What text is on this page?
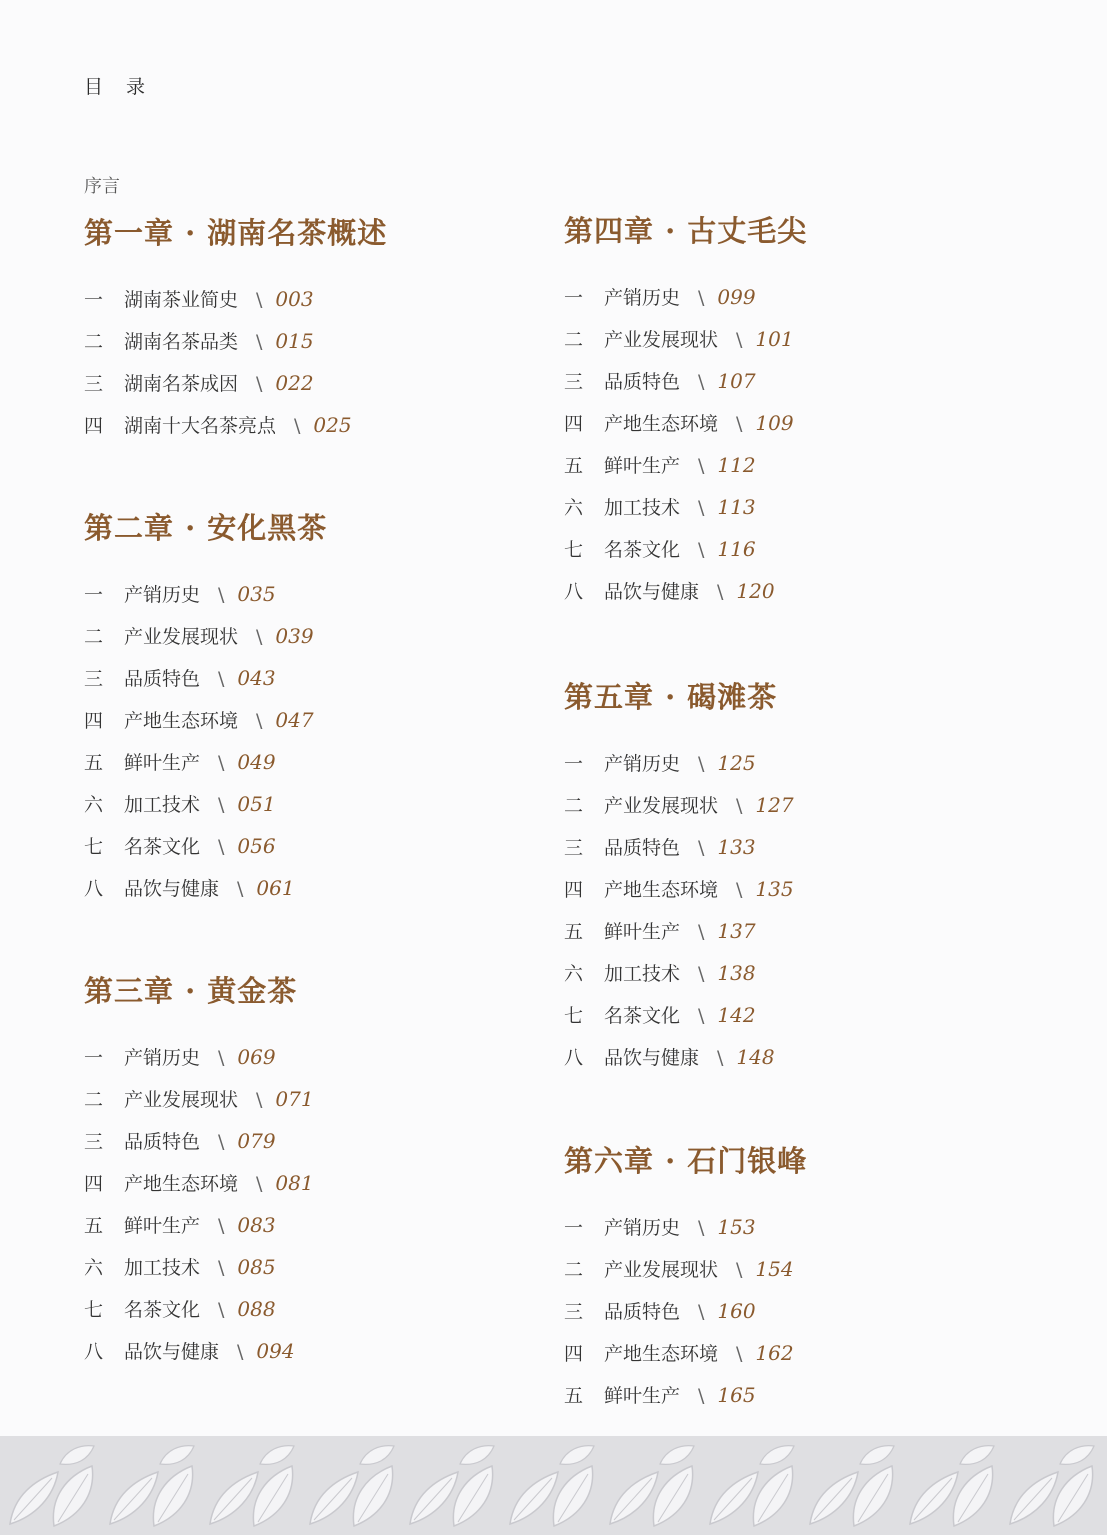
目　录
序言
第一章 · 湖南名茶概述
一 湖南茶业简史 \ 003
二 湖南名茶品类 \ 015
三 湖南名茶成因 \ 022
四 湖南十大名茶亮点 \ 025
第二章 · 安化黑茶
一 产销历史 \ 035
二 产业发展现状 \ 039
三 品质特色 \ 043
四 产地生态环境 \ 047
五 鲜叶生产 \ 049
六 加工技术 \ 051
七 名茶文化 \ 056
八 品饮与健康 \ 061
第三章 · 黄金茶
一 产销历史 \ 069
二 产业发展现状 \ 071
三 品质特色 \ 079
四 产地生态环境 \ 081
五 鲜叶生产 \ 083
六 加工技术 \ 085
七 名茶文化 \ 088
八 品饮与健康 \ 094
第四章 · 古丈毛尖
一 产销历史 \ 099
二 产业发展现状 \ 101
三 品质特色 \ 107
四 产地生态环境 \ 109
五 鲜叶生产 \ 112
六 加工技术 \ 113
七 名茶文化 \ 116
八 品饮与健康 \ 120
第五章 · 碣滩茶
一 产销历史 \ 125
二 产业发展现状 \ 127
三 品质特色 \ 133
四 产地生态环境 \ 135
五 鲜叶生产 \ 137
六 加工技术 \ 138
七 名茶文化 \ 142
八 品饮与健康 \ 148
第六章 · 石门银峰
一 产销历史 \ 153
二 产业发展现状 \ 154
三 品质特色 \ 160
四 产地生态环境 \ 162
五 鲜叶生产 \ 165
